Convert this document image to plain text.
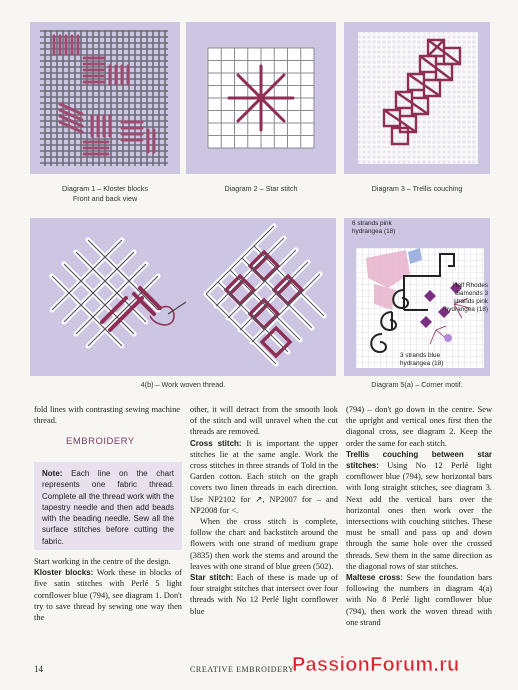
Diagram 1 – Kloster blocks
Front and back view
Diagram 2 – Star stitch	Diagram 3 – Trellis couching
4(b) – Work woven thread.
6 strands pink
hydrangea (18)
Half Rhodes
diamonds 3
strands pink
hydrangea (18)
3 strands blue
hydrangea (18)
Diagram 5(a) – Corner motif.

fold lines with contrasting sewing machine thread.

EMBROIDERY
Note: Each line on the chart represents one fabric thread. Complete all the thread work with the tapestry needle and then add beads with the beading needle. Sew all the surface stitches before cutting the fabric.

Start working in the centre of the design.

Kloster blocks: Work these in blocks of five satin stitches with Perlé 5 light cornflower blue (794), see diagram 1. Don't try to save thread by sewing one way then the

other, it will detract from the smooth look of the stitch and will unravel when the cut threads are removed.

Cross stitch: It is important the upper stitches lie at the same angle. Work the cross stitches in three strands of Told in the Garden cotton. Each stitch on the graph covers two linen threads in each direction. Use NP2102 for ↗, NP2007 for – and NP2008 for <.

When the cross stitch is complete, follow the chart and backstitch around the flowers with one strand of medium grape (3835) then work the stems and around the leaves with one strand of blue green (502).

Star stitch: Each of these is made up of four straight stitches that intersect over four threads with No 12 Perlé light cornflower blue

(794) – don't go down in the centre. Sew the upright and vertical ones first then the diagonal cross, see diagram 2. Keep the order the same for each stitch.

Trellis couching between star stitches: Using No 12 Perlé light cornflower blue (794), sew horizontal bars with long straight stitches, see diagram 3. Next add the vertical bars over the horizontal ones then work over the intersections with couching stitches. These must be small and pass up and down through the same hole over the crossed threads. Sew them in the same direction as the diagonal rows of star stitches.

Maltese cross: Sew the foundation bars following the numbers in diagram 4(a) with No 8 Perlé light cornflower blue (794), then work the woven thread with one strand

14	CREATIVE EMBROIDERY
PassionForum.ru
